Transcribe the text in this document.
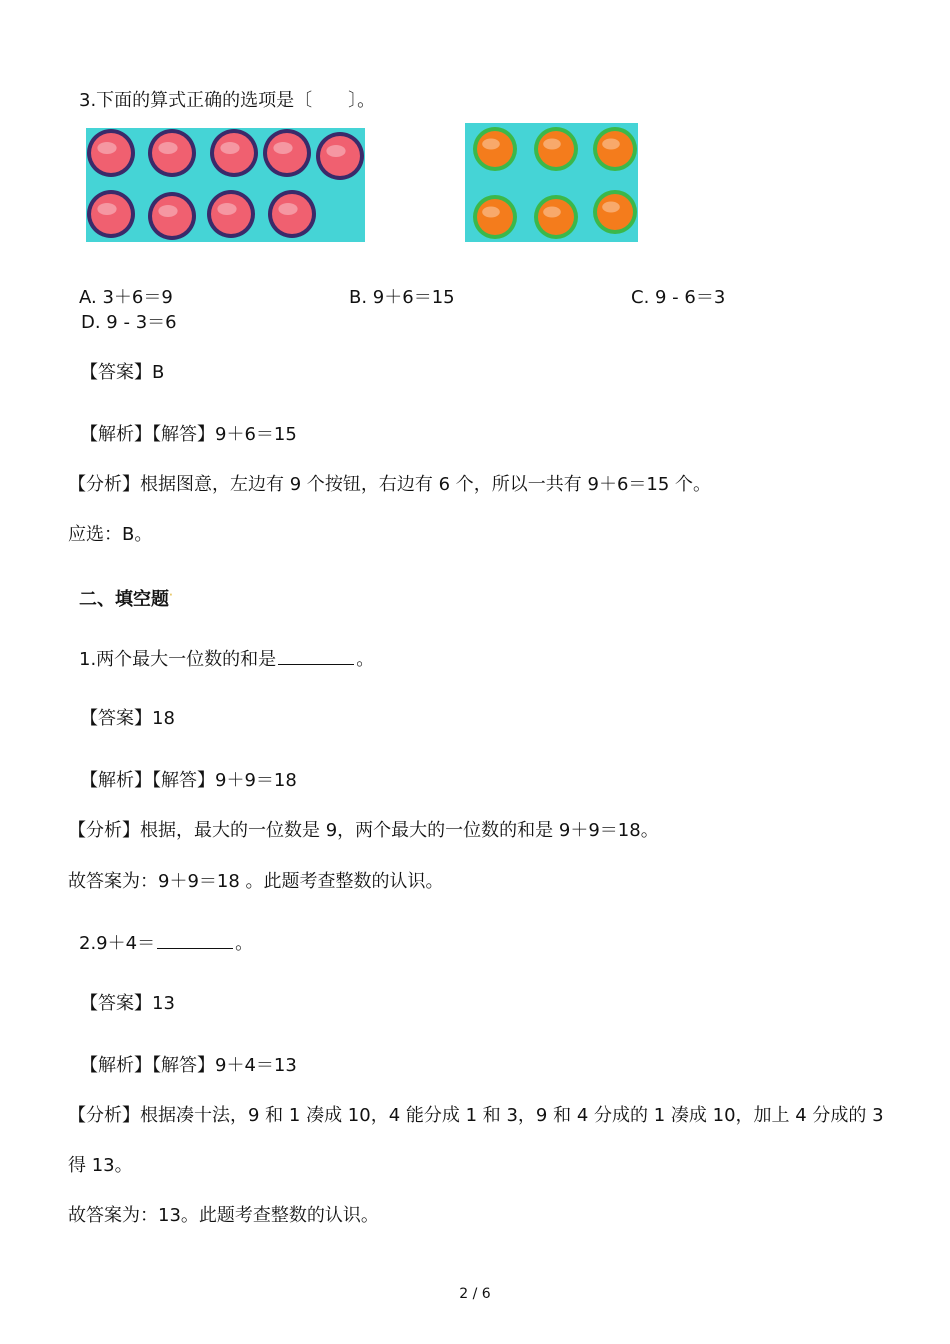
3.下面的算式正确的选项是〔　　〕。
A. 3＋6＝9	B. 9＋6＝15	C. 9 - 6＝3
D. 9 - 3＝6
【答案】B
【解析】【解答】9＋6＝15
【分析】根据图意，左边有 9 个按钮，右边有 6 个，所以一共有 9＋6＝15 个。
应选：B。
二、填空题·
1.两个最大一位数的和是	。
【答案】18
【解析】【解答】9＋9＝18
【分析】根据，最大的一位数是 9，两个最大的一位数的和是 9＋9＝18。
故答案为：9＋9＝18 。此题考查整数的认识。
2.9＋4＝	。
【答案】13
【解析】【解答】9＋4＝13
【分析】根据凑十法，9 和 1 凑成 10，4 能分成 1 和 3，9 和 4 分成的 1 凑成 10，加上 4 分成的 3
得 13。
故答案为：13。此题考查整数的认识。
2 / 6
